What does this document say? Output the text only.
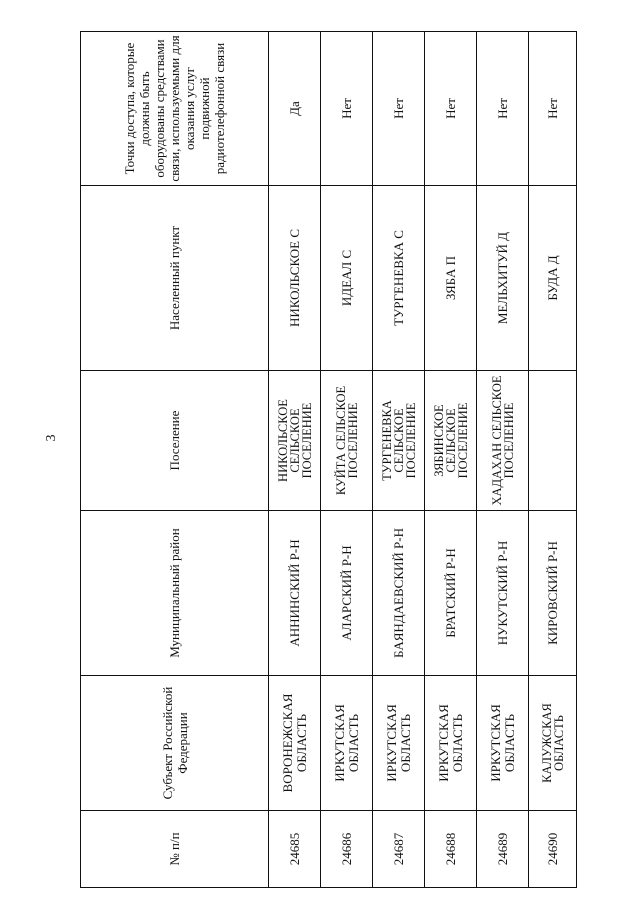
3
№ п/п	Субъект Российской Федерации	Муниципальный район	Поселение	Населенный пункт	Точки доступа, которые должны быть оборудованы средствами связи, используемыми для оказания услуг подвижной радиотелефонной связи
24685	ВОРОНЕЖСКАЯ ОБЛАСТЬ	АННИНСКИЙ Р-Н	НИКОЛЬСКОЕ СЕЛЬСКОЕ ПОСЕЛЕНИЕ	НИКОЛЬСКОЕ С	Да
24686	ИРКУТСКАЯ ОБЛАСТЬ	АЛАРСКИЙ Р-Н	КУЙТА СЕЛЬСКОЕ ПОСЕЛЕНИЕ	ИДЕАЛ С	Нет
24687	ИРКУТСКАЯ ОБЛАСТЬ	БАЯНДАЕВСКИЙ Р-Н	ТУРГЕНЕВКА СЕЛЬСКОЕ ПОСЕЛЕНИЕ	ТУРГЕНЕВКА С	Нет
24688	ИРКУТСКАЯ ОБЛАСТЬ	БРАТСКИЙ Р-Н	ЗЯБИНСКОЕ СЕЛЬСКОЕ ПОСЕЛЕНИЕ	ЗЯБА П	Нет
24689	ИРКУТСКАЯ ОБЛАСТЬ	НУКУТСКИЙ Р-Н	ХАДАХАН СЕЛЬСКОЕ ПОСЕЛЕНИЕ	МЕЛЬХИТУЙ Д	Нет
24690	КАЛУЖСКАЯ ОБЛАСТЬ	КИРОВСКИЙ Р-Н		БУДА Д	Нет
